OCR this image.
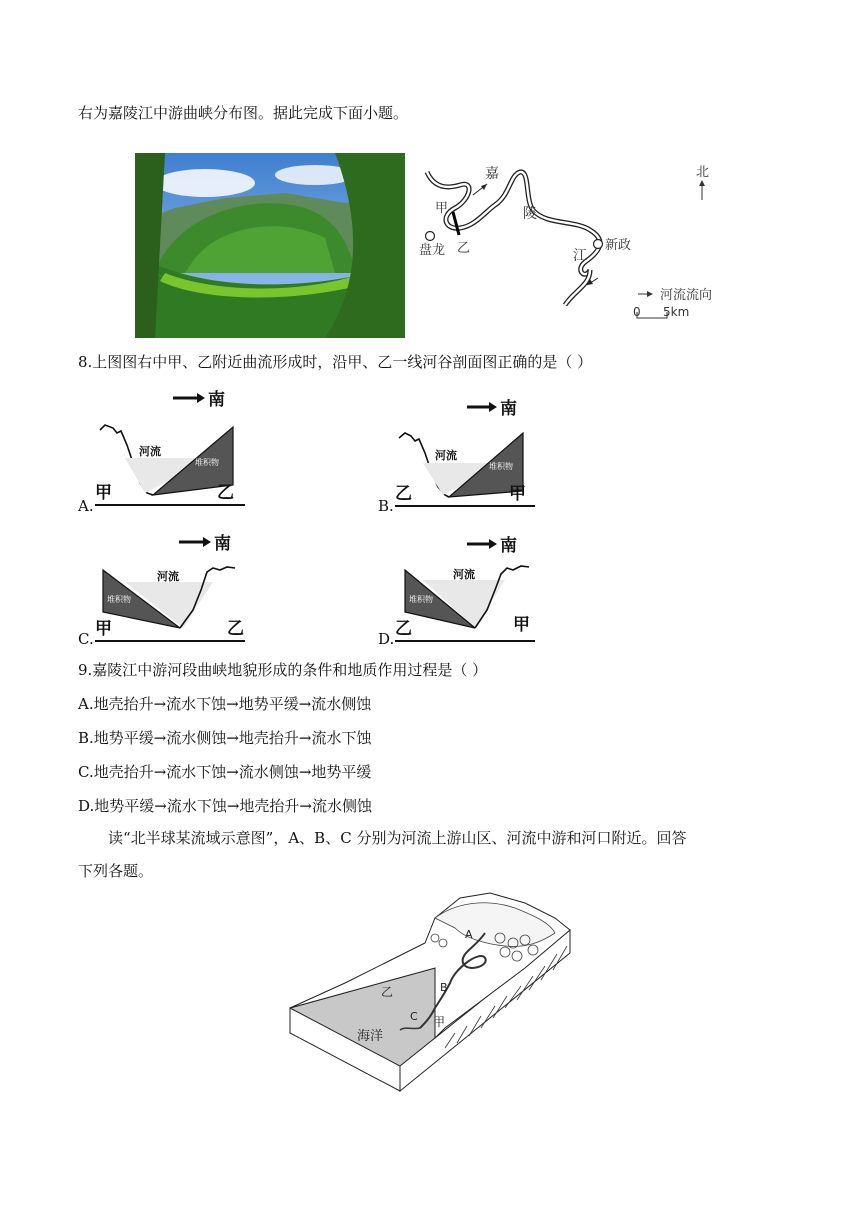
右为嘉陵江中游曲峡分布图。据此完成下面小题。
嘉
陵
江
甲
乙
盘龙	新政
北
河流流向
0 5km
8.上图图右中甲、乙附近曲流形成时，沿甲、乙一线河谷剖面图正确的是（ ）
A.
南
河流
堆积物
甲	乙
B.
南
河流
堆积物
乙	甲
C.
南
河流
堆积物
甲	乙	D.
南
河流
堆积物
乙	甲
9.嘉陵江中游河段曲峡地貌形成的条件和地质作用过程是（ ）
A.地壳抬升→流水下蚀→地势平缓→流水侧蚀
B.地势平缓→流水侧蚀→地壳抬升→流水下蚀
C.地壳抬升→流水下蚀→流水侧蚀→地势平缓
D.地势平缓→流水下蚀→地壳抬升→流水侧蚀
读“北半球某流域示意图”，A、B、C 分别为河流上游山区、河流中游和河口附近。回答
下列各题。
A
B
C
乙
甲
海洋
